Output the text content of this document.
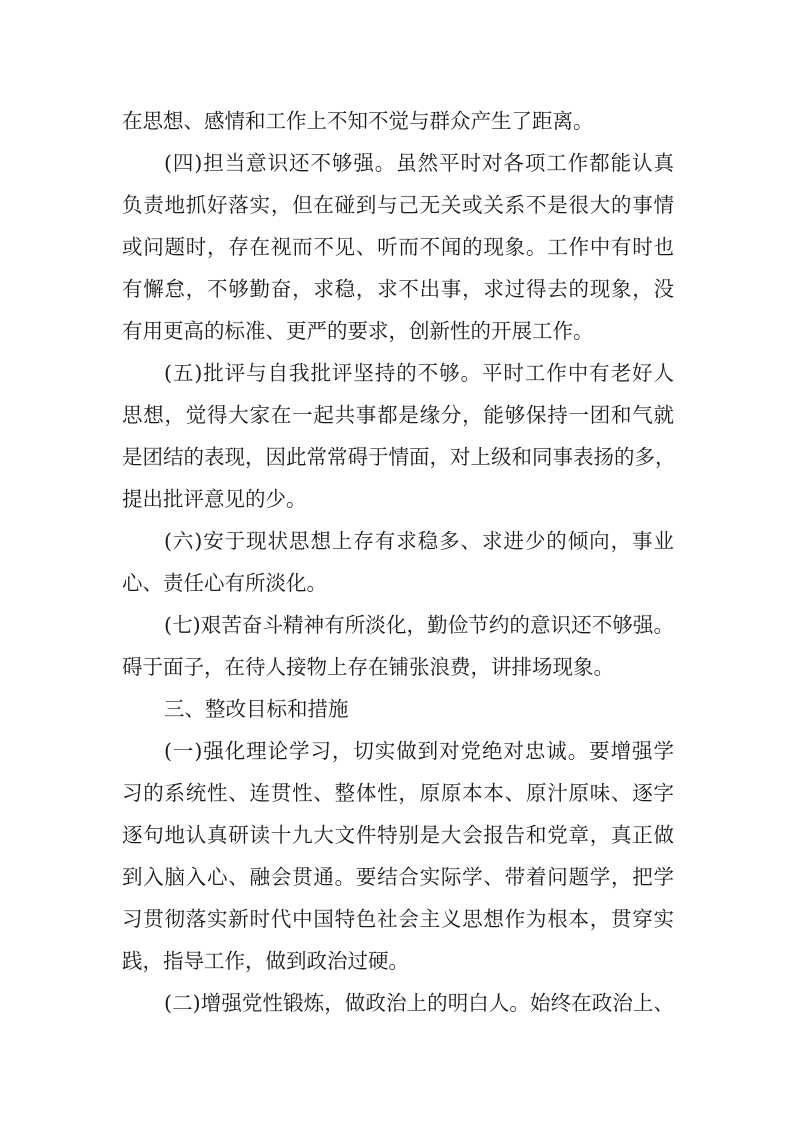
在思想、感情和工作上不知不觉与群众产生了距离。
(四)担当意识还不够强。虽然平时对各项工作都能认真
负责地抓好落实，但在碰到与己无关或关系不是很大的事情
或问题时，存在视而不见、听而不闻的现象。工作中有时也
有懈怠，不够勤奋，求稳，求不出事，求过得去的现象，没
有用更高的标准、更严的要求，创新性的开展工作。
(五)批评与自我批评坚持的不够。平时工作中有老好人
思想，觉得大家在一起共事都是缘分，能够保持一团和气就
是团结的表现，因此常常碍于情面，对上级和同事表扬的多，
提出批评意见的少。
(六)安于现状思想上存有求稳多、求进少的倾向，事业
心、责任心有所淡化。
(七)艰苦奋斗精神有所淡化，勤俭节约的意识还不够强。
碍于面子，在待人接物上存在铺张浪费，讲排场现象。
三、整改目标和措施
(一)强化理论学习，切实做到对党绝对忠诚。要增强学
习的系统性、连贯性、整体性，原原本本、原汁原味、逐字
逐句地认真研读十九大文件特别是大会报告和党章，真正做
到入脑入心、融会贯通。要结合实际学、带着问题学，把学
习贯彻落实新时代中国特色社会主义思想作为根本，贯穿实
践，指导工作，做到政治过硬。
(二)增强党性锻炼，做政治上的明白人。始终在政治上、
